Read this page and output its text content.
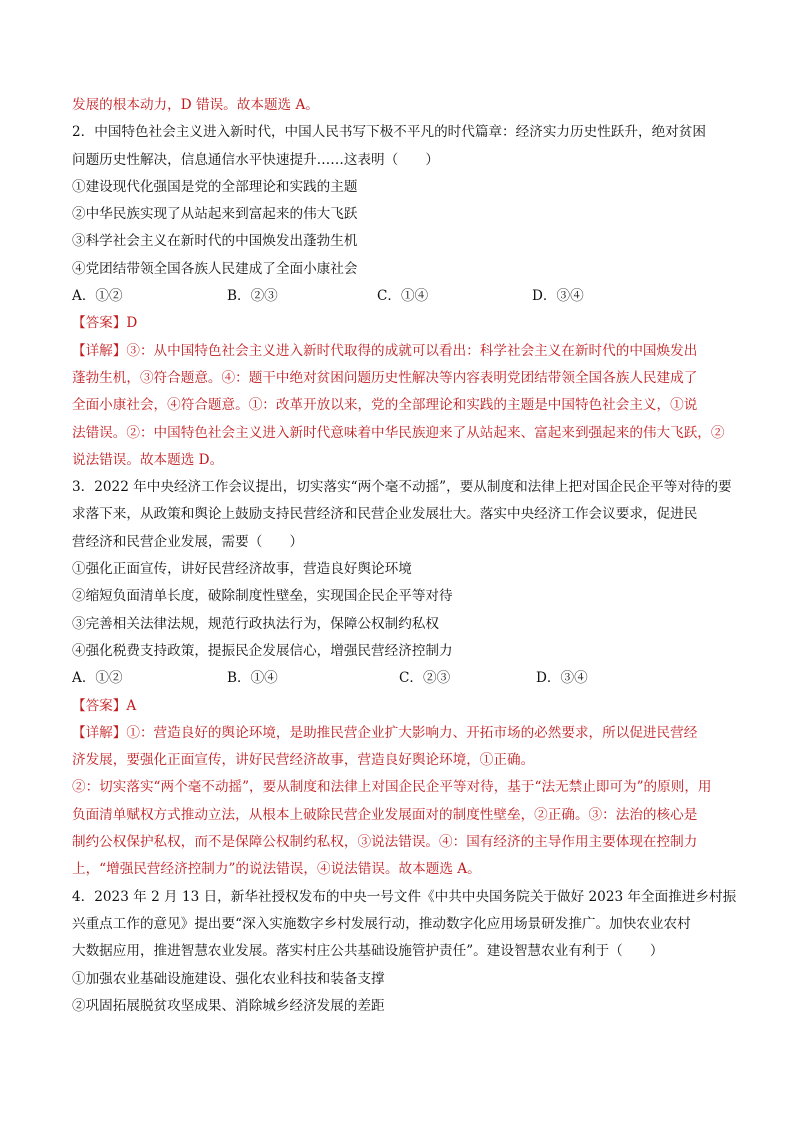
发展的根本动力，D 错误。故本题选 A。
2．中国特色社会主义进入新时代，中国人民书写下极不平凡的时代篇章：经济实力历史性跃升，绝对贫困
问题历史性解决，信息通信水平快速提升……这表明（　　）
①建设现代化强国是党的全部理论和实践的主题
②中华民族实现了从站起来到富起来的伟大飞跃
③科学社会主义在新时代的中国焕发出蓬勃生机
④党团结带领全国各族人民建成了全面小康社会
A．①②	B．②③	C．①④	D．③④
【答案】D
【详解】③：从中国特色社会主义进入新时代取得的成就可以看出：科学社会主义在新时代的中国焕发出
蓬勃生机，③符合题意。④：题干中绝对贫困问题历史性解决等内容表明党团结带领全国各族人民建成了
全面小康社会，④符合题意。①：改革开放以来，党的全部理论和实践的主题是中国特色社会主义，①说
法错误。②：中国特色社会主义进入新时代意味着中华民族迎来了从站起来、富起来到强起来的伟大飞跃，②
说法错误。故本题选 D。
3．2022 年中央经济工作会议提出，切实落实“两个毫不动摇”，要从制度和法律上把对国企民企平等对待的要
求落下来，从政策和舆论上鼓励支持民营经济和民营企业发展壮大。落实中央经济工作会议要求，促进民
营经济和民营企业发展，需要（　　）
①强化正面宣传，讲好民营经济故事，营造良好舆论环境
②缩短负面清单长度，破除制度性壁垒，实现国企民企平等对待
③完善相关法律法规，规范行政执法行为，保障公权制约私权
④强化税费支持政策，提振民企发展信心，增强民营经济控制力
A．①②	B．①④	C．②③	D．③④
【答案】A
【详解】①：营造良好的舆论环境，是助推民营企业扩大影响力、开拓市场的必然要求，所以促进民营经
济发展，要强化正面宣传，讲好民营经济故事，营造良好舆论环境，①正确。
②：切实落实“两个毫不动摇”，要从制度和法律上对国企民企平等对待，基于“法无禁止即可为”的原则，用
负面清单赋权方式推动立法，从根本上破除民营企业发展面对的制度性壁垒，②正确。③：法治的核心是
制约公权保护私权，而不是保障公权制约私权，③说法错误。④：国有经济的主导作用主要体现在控制力
上，“增强民营经济控制力”的说法错误，④说法错误。故本题选 A。
4．2023 年 2 月 13 日，新华社授权发布的中央一号文件《中共中央国务院关于做好 2023 年全面推进乡村振
兴重点工作的意见》提出要“深入实施数字乡村发展行动，推动数字化应用场景研发推广。加快农业农村
大数据应用，推进智慧农业发展。落实村庄公共基础设施管护责任”。建设智慧农业有利于（　　）
①加强农业基础设施建设、强化农业科技和装备支撑
②巩固拓展脱贫攻坚成果、消除城乡经济发展的差距
